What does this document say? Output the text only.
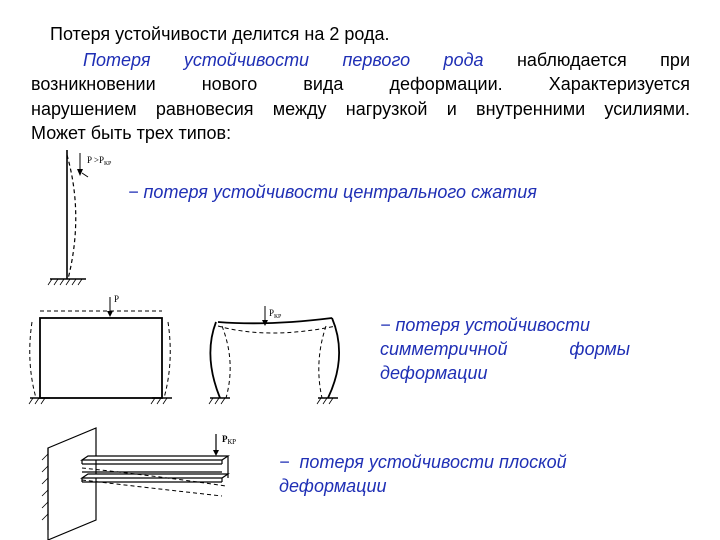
Потеря устойчивости делится на 2 рода.
Потеря устойчивости первого рода наблюдается при
возникновении нового вида деформации. Характеризуется
нарушением равновесия между нагрузкой и внутренними усилиями.
Может быть трех типов:
− потеря устойчивости центрального сжатия
− потеря устойчивости
симметричной формы
деформации
− потеря устойчивости плоской
деформации
$P >P_{КР}$
P
$P_{КР}$
$P_{КР}$
